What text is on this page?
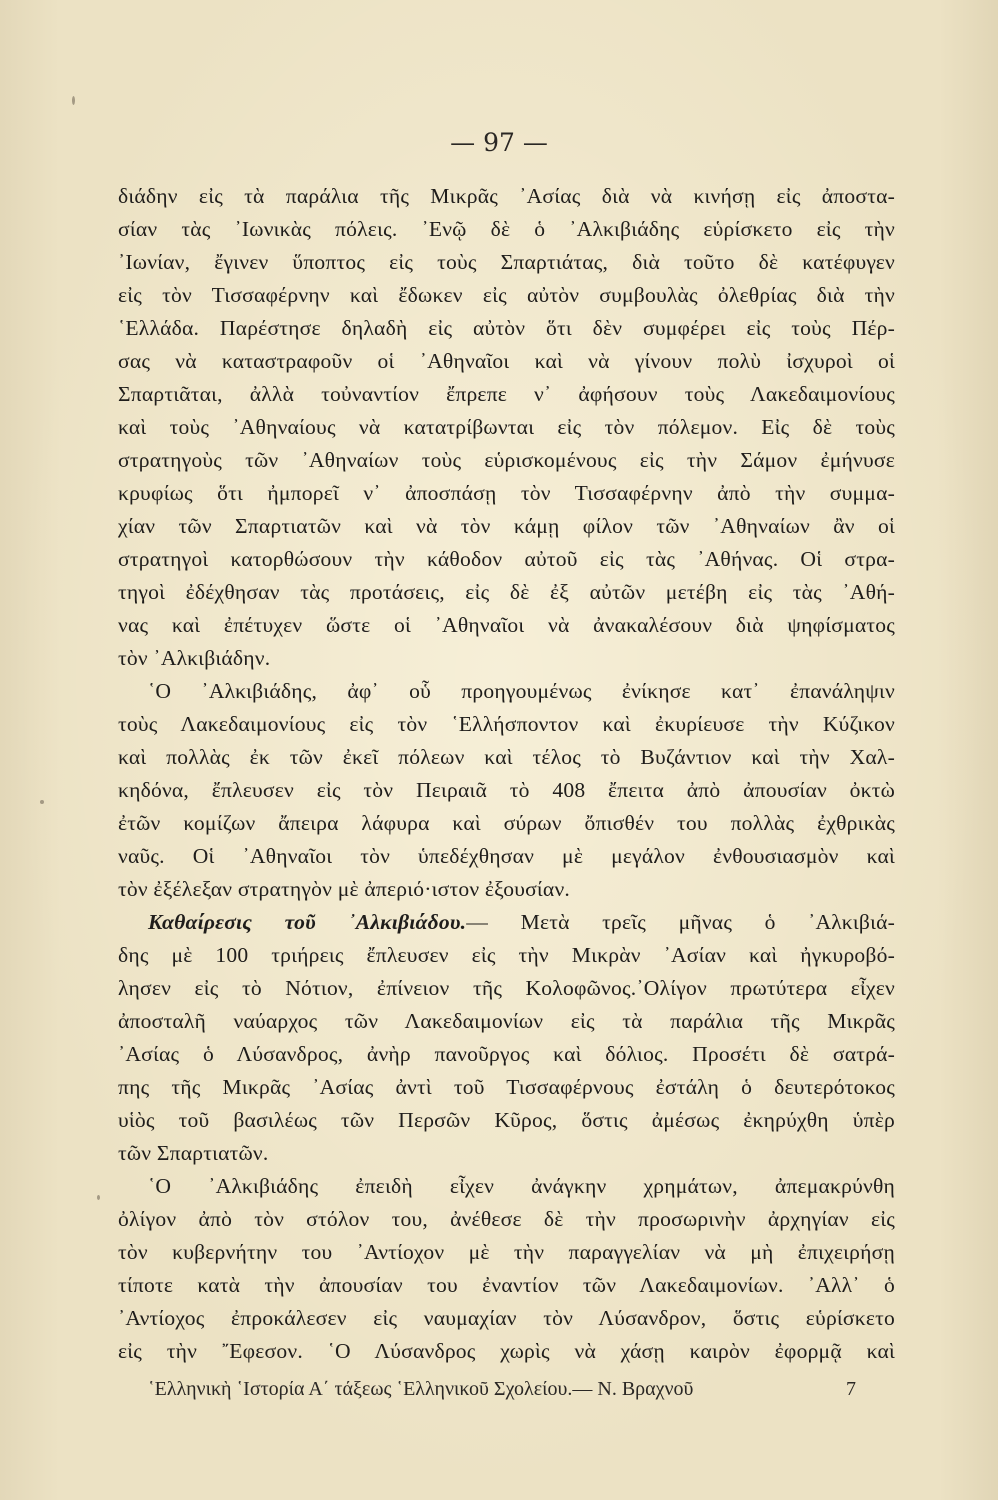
— 97 —
διάδην εἰς τὰ παράλια τῆς Μικρᾶς ᾿Ασίας διὰ νὰ κινήσῃ εἰς ἀποστα-
σίαν τὰς ᾿Ιωνικὰς πόλεις. ᾿Ενῷ δὲ ὁ ᾿Αλκιβιάδης εὑρίσκετο εἰς τὴν
᾿Ιωνίαν, ἔγινεν ὕποπτος εἰς τοὺς Σπαρτιάτας, διὰ τοῦτο δὲ κατέφυγεν
εἰς τὸν Τισσαφέρνην καὶ ἔδωκεν εἰς αὐτὸν συμβουλὰς ὀλεθρίας διὰ τὴν
῾Ελλάδα. Παρέστησε δηλαδὴ εἰς αὐτὸν ὅτι δὲν συμφέρει εἰς τοὺς Πέρ-
σας νὰ καταστραφοῦν οἱ ᾿Αθηναῖοι καὶ νὰ γίνουν πολὺ ἰσχυροὶ οἱ
Σπαρτιᾶται, ἀλλὰ τοὐναντίον ἔπρεπε ν᾿ ἀφήσουν τοὺς Λακεδαιμονίους
καὶ τοὺς ᾿Αθηναίους νὰ κατατρίβωνται εἰς τὸν πόλεμον. Εἰς δὲ τοὺς
στρατηγοὺς τῶν ᾿Αθηναίων τοὺς εὑρισκομένους εἰς τὴν Σάμον ἐμήνυσε
κρυφίως ὅτι ἠμπορεῖ ν᾿ ἀποσπάσῃ τὸν Τισσαφέρνην ἀπὸ τὴν συμμα-
χίαν τῶν Σπαρτιατῶν καὶ νὰ τὸν κάμῃ φίλον τῶν ᾿Αθηναίων ἂν οἱ
στρατηγοὶ κατορθώσουν τὴν κάθοδον αὐτοῦ εἰς τὰς ᾿Αθήνας. Οἱ στρα-
τηγοὶ ἐδέχθησαν τὰς προτάσεις, εἰς δὲ ἐξ αὐτῶν μετέβη εἰς τὰς ᾿Αθή-
νας καὶ ἐπέτυχεν ὥστε οἱ ᾿Αθηναῖοι νὰ ἀνακαλέσουν διὰ ψηφίσματος
τὸν ᾿Αλκιβιάδην.
῾Ο ᾿Αλκιβιάδης, ἀφ᾿ οὗ προηγουμένως ἐνίκησε κατ᾿ ἐπανάληψιν
τοὺς Λακεδαιμονίους εἰς τὸν ῾Ελλήσποντον καὶ ἐκυρίευσε τὴν Κύζικον
καὶ πολλὰς ἐκ τῶν ἐκεῖ πόλεων καὶ τέλος τὸ Βυζάντιον καὶ τὴν Χαλ-
κηδόνα, ἔπλευσεν εἰς τὸν Πειραιᾶ τὸ 408 ἔπειτα ἀπὸ ἀπουσίαν ὀκτὼ
ἐτῶν κομίζων ἄπειρα λάφυρα καὶ σύρων ὄπισθέν του πολλὰς ἐχθρικὰς
ναῦς. Οἱ ᾿Αθηναῖοι τὸν ὑπεδέχθησαν μὲ μεγάλον ἐνθουσιασμὸν καὶ
τὸν ἐξέλεξαν στρατηγὸν μὲ ἀπεριό·ιστον ἐξουσίαν.
Καθαίρεσις τοῦ ᾿Αλκιβιάδου.— Μετὰ τρεῖς μῆνας ὁ ᾿Αλκιβιά-
δης μὲ 100 τριήρεις ἔπλευσεν εἰς τὴν Μικρὰν ᾿Ασίαν καὶ ἠγκυροβό-
λησεν εἰς τὸ Νότιον, ἐπίνειον τῆς Κολοφῶνος.᾿Ολίγον πρωτύτερα εἶχεν
ἀποσταλῆ ναύαρχος τῶν Λακεδαιμονίων εἰς τὰ παράλια τῆς Μικρᾶς
᾿Ασίας ὁ Λύσανδρος, ἀνὴρ πανοῦργος καὶ δόλιος. Προσέτι δὲ σατρά-
πης τῆς Μικρᾶς ᾿Ασίας ἀντὶ τοῦ Τισσαφέρνους ἐστάλη ὁ δευτερότοκος
υἱὸς τοῦ βασιλέως τῶν Περσῶν Κῦρος, ὅστις ἀμέσως ἐκηρύχθη ὑπὲρ
τῶν Σπαρτιατῶν.
῾Ο ᾿Αλκιβιάδης ἐπειδὴ εἶχεν ἀνάγκην χρημάτων, ἀπεμακρύνθη
ὀλίγον ἀπὸ τὸν στόλον του, ἀνέθεσε δὲ τὴν προσωρινὴν ἀρχηγίαν εἰς
τὸν κυβερνήτην του ᾿Αντίοχον μὲ τὴν παραγγελίαν νὰ μὴ ἐπιχειρήσῃ
τίποτε κατὰ τὴν ἀπουσίαν του ἐναντίον τῶν Λακεδαιμονίων. ᾿Αλλ᾿ ὁ
᾿Αντίοχος ἐπροκάλεσεν εἰς ναυμαχίαν τὸν Λύσανδρον, ὅστις εὑρίσκετο
εἰς τὴν ῎Εφεσον. ῾Ο Λύσανδρος χωρὶς νὰ χάσῃ καιρὸν ἐφορμᾷ καὶ
῾Ελληνικὴ ῾Ιστορία Α΄ τάξεως ῾Ελληνικοῦ Σχολείου.— Ν. Βραχνοῦ	7
